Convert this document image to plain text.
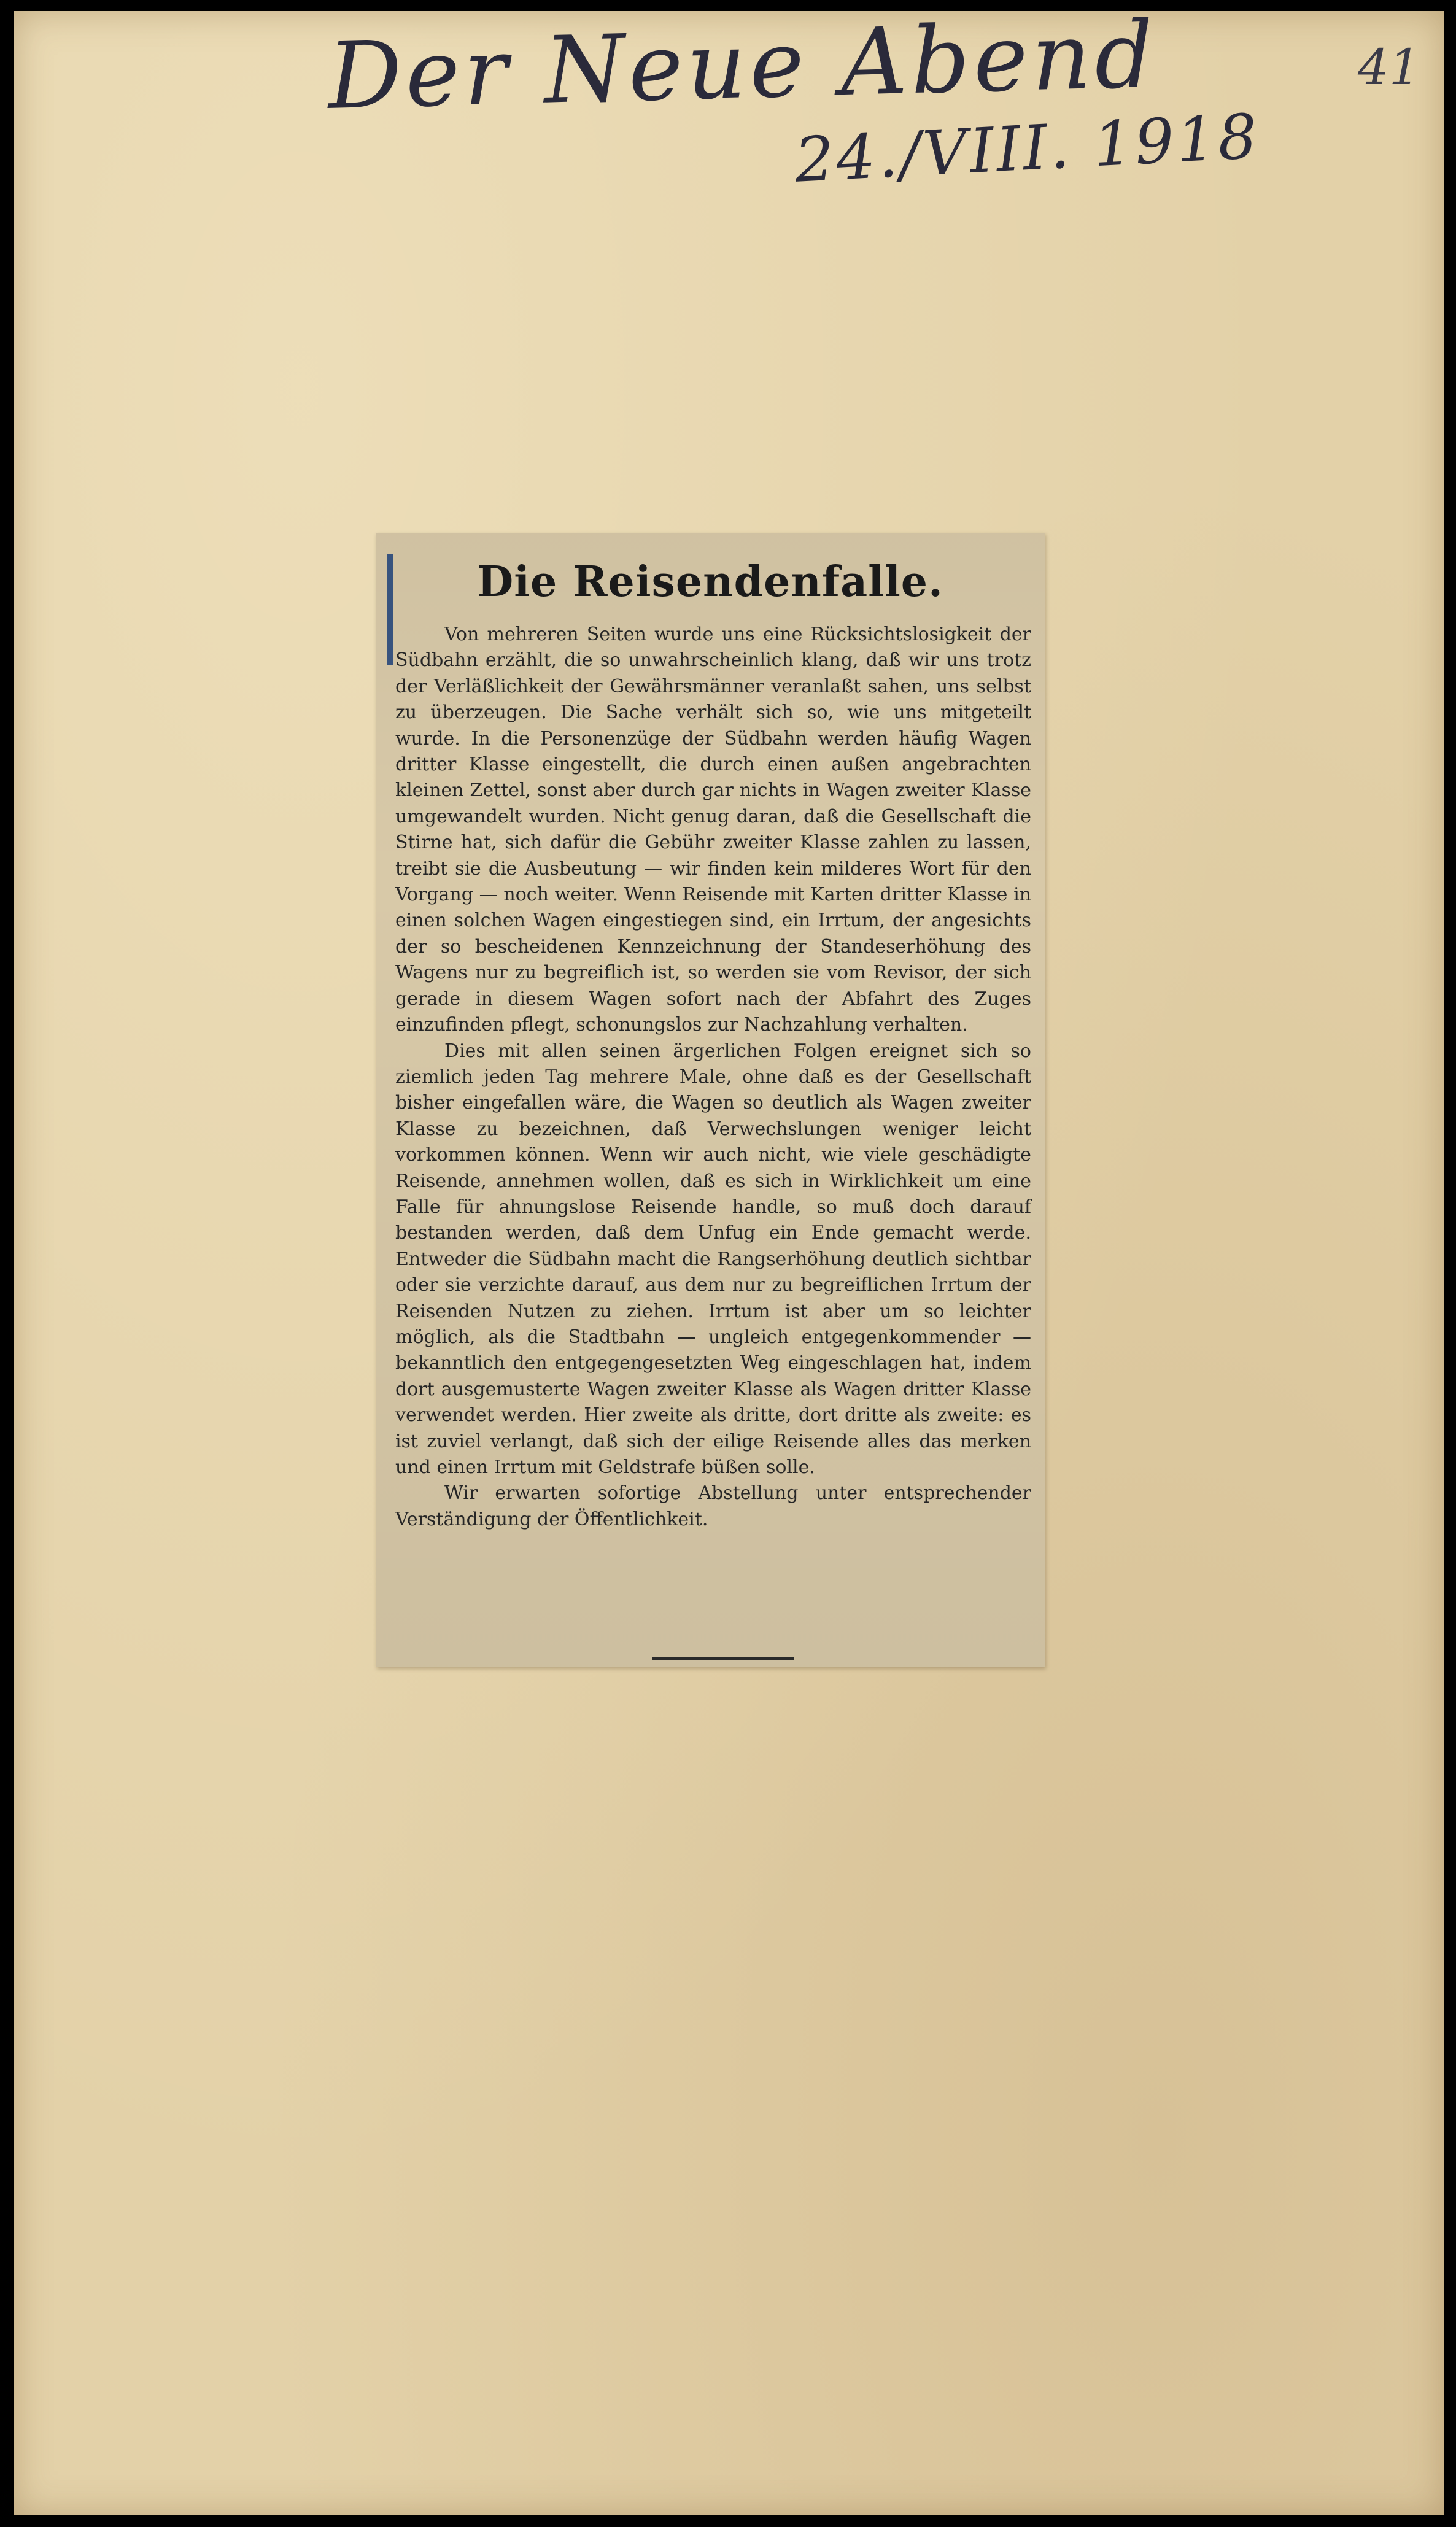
Der Neue Abend
24./VIII. 1918
41
Die Reisendenfalle.

Von mehreren Seiten wurde uns eine Rücksichtslosigkeit der Südbahn erzählt, die so unwahrscheinlich klang, daß wir uns trotz der Verläßlichkeit der Gewährsmänner veranlaßt sahen, uns selbst zu überzeugen. Die Sache verhält sich so, wie uns mitgeteilt wurde. In die Personenzüge der Südbahn werden häufig Wagen dritter Klasse eingestellt, die durch einen außen angebrachten kleinen Zettel, sonst aber durch gar nichts in Wagen zweiter Klasse umgewandelt wurden. Nicht genug daran, daß die Gesellschaft die Stirne hat, sich dafür die Gebühr zweiter Klasse zahlen zu lassen, treibt sie die Ausbeutung — wir finden kein milderes Wort für den Vorgang — noch weiter. Wenn Reisende mit Karten dritter Klasse in einen solchen Wagen eingestiegen sind, ein Irrtum, der angesichts der so bescheidenen Kennzeichnung der Standeserhöhung des Wagens nur zu begreiflich ist, so werden sie vom Revisor, der sich gerade in diesem Wagen sofort nach der Abfahrt des Zuges einzufinden pflegt, schonungslos zur Nachzahlung verhalten.

Dies mit allen seinen ärgerlichen Folgen ereignet sich so ziemlich jeden Tag mehrere Male, ohne daß es der Gesellschaft bisher eingefallen wäre, die Wagen so deutlich als Wagen zweiter Klasse zu bezeichnen, daß Verwechslungen weniger leicht vorkommen können. Wenn wir auch nicht, wie viele geschädigte Reisende, annehmen wollen, daß es sich in Wirklichkeit um eine Falle für ahnungslose Reisende handle, so muß doch darauf bestanden werden, daß dem Unfug ein Ende gemacht werde. Entweder die Südbahn macht die Rangserhöhung deutlich sichtbar oder sie verzichte darauf, aus dem nur zu begreiflichen Irrtum der Reisenden Nutzen zu ziehen. Irrtum ist aber um so leichter möglich, als die Stadtbahn — ungleich entgegenkommender — bekanntlich den entgegengesetzten Weg eingeschlagen hat, indem dort ausgemusterte Wagen zweiter Klasse als Wagen dritter Klasse verwendet werden. Hier zweite als dritte, dort dritte als zweite: es ist zuviel verlangt, daß sich der eilige Reisende alles das merken und einen Irrtum mit Geldstrafe büßen solle.

Wir erwarten sofortige Abstellung unter entsprechender Verständigung der Öffentlichkeit.
